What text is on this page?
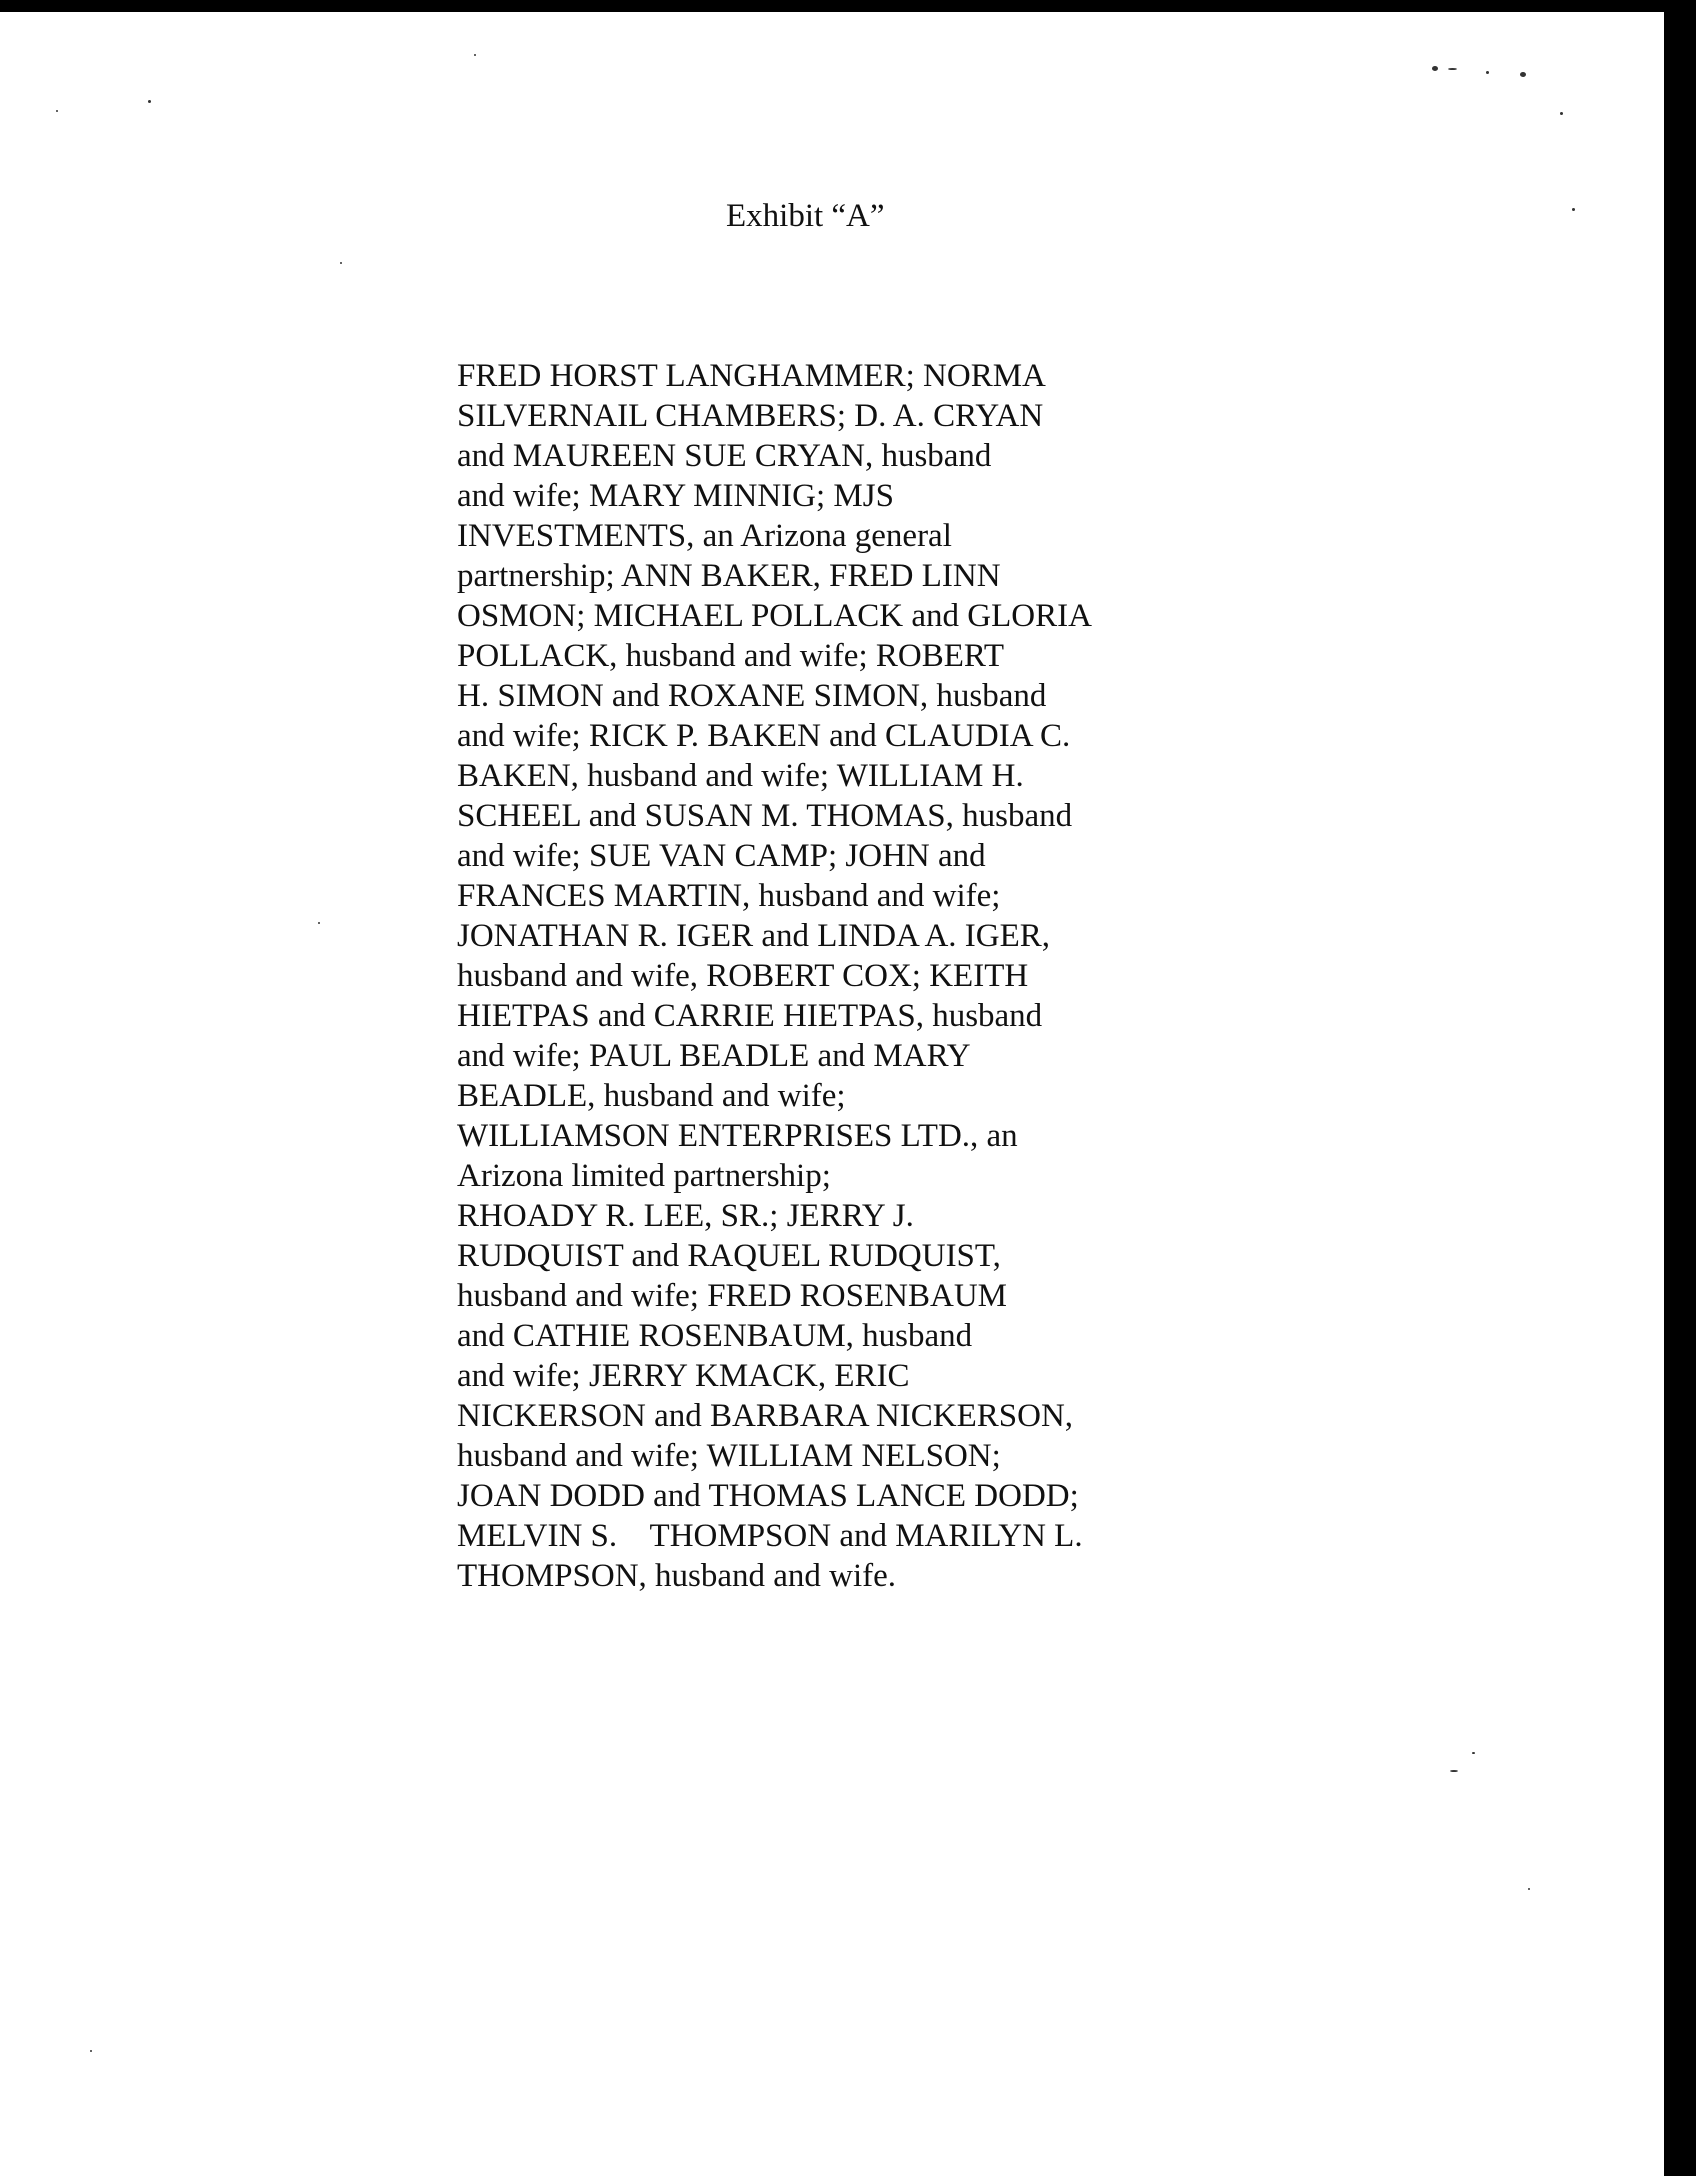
Exhibit “A”
FRED HORST LANGHAMMER; NORMA
SILVERNAIL CHAMBERS; D. A. CRYAN
and MAUREEN SUE CRYAN, husband
and wife; MARY MINNIG; MJS
INVESTMENTS, an Arizona general
partnership; ANN BAKER, FRED LINN
OSMON; MICHAEL POLLACK and GLORIA
POLLACK, husband and wife; ROBERT
H. SIMON and ROXANE SIMON, husband
and wife; RICK P. BAKEN and CLAUDIA C.
BAKEN, husband and wife; WILLIAM H.
SCHEEL and SUSAN M. THOMAS, husband
and wife; SUE VAN CAMP; JOHN and
FRANCES MARTIN, husband and wife;
JONATHAN R. IGER and LINDA A. IGER,
husband and wife, ROBERT COX; KEITH
HIETPAS and CARRIE HIETPAS, husband
and wife; PAUL BEADLE and MARY
BEADLE, husband and wife;
WILLIAMSON ENTERPRISES LTD., an
Arizona limited partnership;
RHOADY R. LEE, SR.; JERRY J.
RUDQUIST and RAQUEL RUDQUIST,
husband and wife; FRED ROSENBAUM
and CATHIE ROSENBAUM, husband
and wife; JERRY KMACK, ERIC
NICKERSON and BARBARA NICKERSON,
husband and wife; WILLIAM NELSON;
JOAN DODD and THOMAS LANCE DODD;
MELVIN S.    THOMPSON and MARILYN L.
THOMPSON, husband and wife.
